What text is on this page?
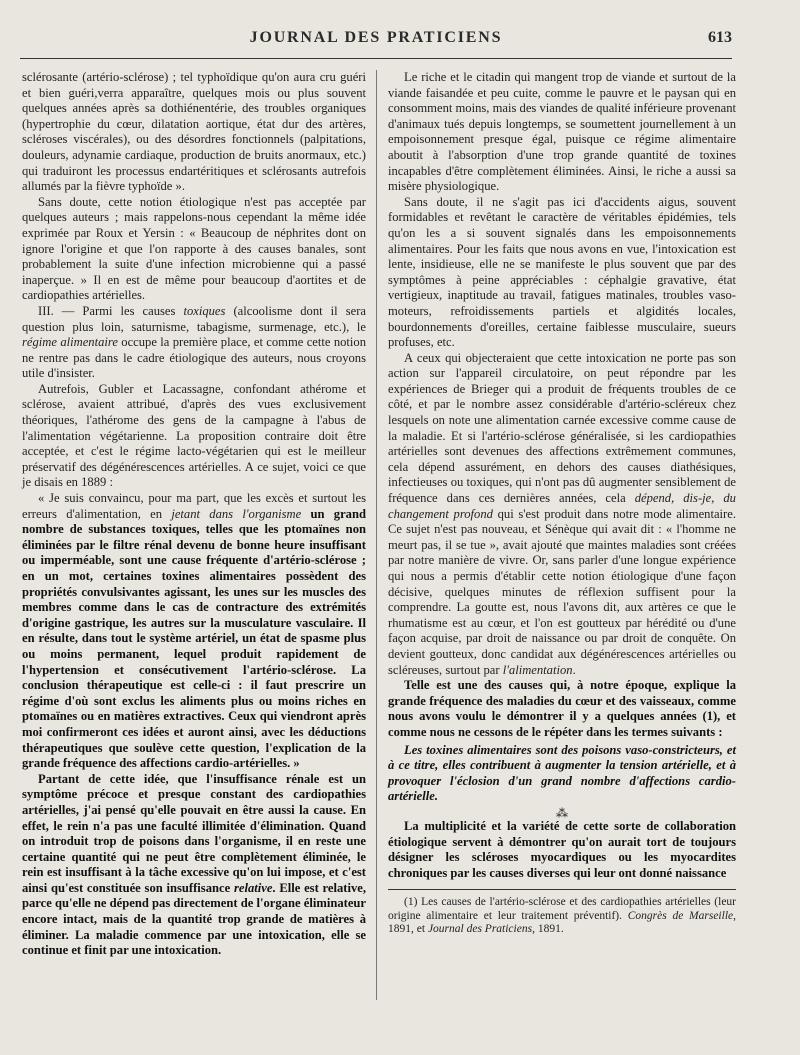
JOURNAL DES PRATICIENS	613

sclérosante (artério-sclérose) ; tel typhoïdique qu'on aura cru guéri et bien guéri,verra apparaître, quelques mois ou plus souvent quelques années après sa dothiénentérie, des troubles organiques (hypertrophie du cœur, dilatation aortique, état dur des artères, scléroses viscérales), ou des désordres fonctionnels (palpitations, douleurs, adynamie cardiaque, production de bruits anormaux, etc.) qui traduiront les processus endartéritiques et sclérosants autrefois allumés par la fièvre typhoïde ».

Sans doute, cette notion étiologique n'est pas acceptée par quelques auteurs ; mais rappelons-nous cependant la même idée exprimée par Roux et Yersin : « Beaucoup de néphrites dont on ignore l'origine et que l'on rapporte à des causes banales, sont probablement la suite d'une infection microbienne qui a passé inaperçue. » Il en est de même pour beaucoup d'aortites et de cardiopathies artérielles.

III. — Parmi les causes toxiques (alcoolisme dont il sera question plus loin, saturnisme, tabagisme, surmenage, etc.), le régime alimentaire occupe la première place, et comme cette notion ne rentre pas dans le cadre étiologique des auteurs, nous croyons utile d'insister.

Autrefois, Gubler et Lacassagne, confondant athérome et sclérose, avaient attribué, d'après des vues exclusivement théoriques, l'athérome des gens de la campagne à l'abus de l'alimentation végétarienne. La proposition contraire doit être acceptée, et c'est le régime lacto-végétarien qui est le meilleur préservatif des dégénérescences artérielles. A ce sujet, voici ce que je disais en 1889 :

« Je suis convaincu, pour ma part, que les excès et surtout les erreurs d'alimentation, en jetant dans l'organisme un grand nombre de substances toxiques, telles que les ptomaïnes non éliminées par le filtre rénal devenu de bonne heure insuffisant ou imperméable, sont une cause fréquente d'artério-sclérose ; en un mot, certaines toxines alimentaires possèdent des propriétés convulsivantes agissant, les unes sur les muscles des membres comme dans le cas de contracture des extrémités d'origine gastrique, les autres sur la musculature vasculaire. Il en résulte, dans tout le système artériel, un état de spasme plus ou moins permanent, lequel produit rapidement de l'hypertension et consécutivement l'artério-sclérose. La conclusion thérapeutique est celle-ci : il faut prescrire un régime d'où sont exclus les aliments plus ou moins riches en ptomaïnes ou en matières extractives. Ceux qui viendront après moi confirmeront ces idées et auront ainsi, avec les déductions thérapeutiques que soulève cette question, l'explication de la grande fréquence des affections cardio-artérielles. »

Partant de cette idée, que l'insuffisance rénale est un symptôme précoce et presque constant des cardiopathies artérielles, j'ai pensé qu'elle pouvait en être aussi la cause. En effet, le rein n'a pas une faculté illimitée d'élimination. Quand on introduit trop de poisons dans l'organisme, il en reste une certaine quantité qui ne peut être complètement éliminée, le rein est insuffisant à la tâche excessive qu'on lui impose, et c'est ainsi qu'est constituée son insuffisance relative. Elle est relative, parce qu'elle ne dépend pas directement de l'organe éliminateur encore intact, mais de la quantité trop grande de matières à éliminer. La maladie commence par une intoxication, elle se continue et finit par une intoxication.

Le riche et le citadin qui mangent trop de viande et surtout de la viande faisandée et peu cuite, comme le pauvre et le paysan qui en consomment moins, mais des viandes de qualité inférieure provenant d'animaux tués depuis longtemps, se soumettent journellement à un empoisonnement presque égal, puisque ce régime alimentaire aboutit à l'absorption d'une trop grande quantité de toxines incapables d'être complètement éliminées. Ainsi, le riche a aussi sa misère physiologique.

Sans doute, il ne s'agit pas ici d'accidents aigus, souvent formidables et revêtant le caractère de véritables épidémies, tels qu'on les a si souvent signalés dans les empoisonnements alimentaires. Pour les faits que nous avons en vue, l'intoxication est lente, insidieuse, elle ne se manifeste le plus souvent que par des symptômes à peine appréciables : céphalgie gravative, état vertigieux, inaptitude au travail, fatigues matinales, troubles vaso-moteurs, refroidissements partiels et algidités locales, bourdonnements d'oreilles, certaine faiblesse musculaire, sueurs profuses, etc.

A ceux qui objecteraient que cette intoxication ne porte pas son action sur l'appareil circulatoire, on peut répondre par les expériences de Brieger qui a produit de fréquents troubles de ce côté, et par le nombre assez considérable d'artério-scléreux chez lesquels on note une alimentation carnée excessive comme cause de la maladie. Et si l'artério-sclérose généralisée, si les cardiopathies artérielles sont devenues des affections extrêmement communes, cela dépend assurément, en dehors des causes diathésiques, infectieuses ou toxiques, qui n'ont pas dû augmenter sensiblement de fréquence dans ces dernières années, cela dépend, dis-je, du changement profond qui s'est produit dans notre mode alimentaire. Ce sujet n'est pas nouveau, et Sénèque qui avait dit : « l'homme ne meurt pas, il se tue », avait ajouté que maintes maladies sont créées par notre manière de vivre. Or, sans parler d'une longue expérience qui nous a permis d'établir cette notion étiologique d'une façon décisive, quelques minutes de réflexion suffisent pour la comprendre. La goutte est, nous l'avons dit, aux artères ce que le rhumatisme est au cœur, et l'on est goutteux par hérédité ou d'une façon acquise, par droit de naissance ou par droit de conquête. On devient goutteux, donc candidat aux dégénérescences artérielles ou scléreuses, surtout par l'alimentation.

Telle est une des causes qui, à notre époque, explique la grande fréquence des maladies du cœur et des vaisseaux, comme nous avons voulu le démontrer il y a quelques années (1), et comme nous ne cessons de le répéter dans les termes suivants :

Les toxines alimentaires sont des poisons vaso-constricteurs, et à ce titre, elles contribuent à augmenter la tension artérielle, et à provoquer l'éclosion d'un grand nombre d'affections cardio-artérielle.

⁂

La multiplicité et la variété de cette sorte de collaboration étiologique servent à démontrer qu'on aurait tort de toujours désigner les scléroses myocardiques ou les myocardites chroniques par les causes diverses qui leur ont donné naissance

(1) Les causes de l'artério-sclérose et des cardiopathies artérielles (leur origine alimentaire et leur traitement préventif). Congrès de Marseille, 1891, et Journal des Praticiens, 1891.
